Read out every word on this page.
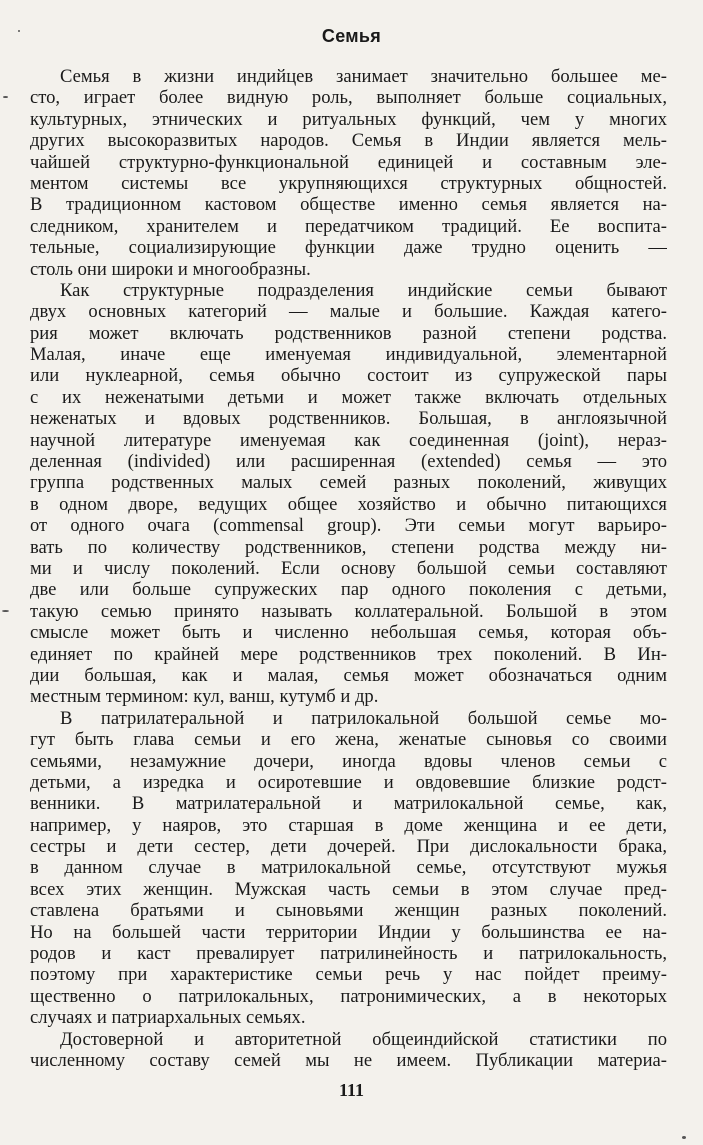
Семья
Семья в жизни индийцев занимает значительно большее ме-
сто, играет более видную роль, выполняет больше социальных,
культурных, этнических и ритуальных функций, чем у многих
других высокоразвитых народов. Семья в Индии является мель-
чайшей структурно-функциональной единицей и составным эле-
ментом системы все укрупняющихся структурных общностей.
В традиционном кастовом обществе именно семья является на-
следником, хранителем и передатчиком традиций. Ее воспита-
тельные, социализирующие функции даже трудно оценить —
столь они широки и многообразны.
Как структурные подразделения индийские семьи бывают
двух основных категорий — малые и большие. Каждая катего-
рия может включать родственников разной степени родства.
Малая, иначе еще именуемая индивидуальной, элементарной
или нуклеарной, семья обычно состоит из супружеской пары
с их неженатыми детьми и может также включать отдельных
неженатых и вдовых родственников. Большая, в англоязычной
научной литературе именуемая как соединенная (joint), нераз-
деленная (individed) или расширенная (extended) семья — это
группа родственных малых семей разных поколений, живущих
в одном дворе, ведущих общее хозяйство и обычно питающихся
от одного очага (commensal group). Эти семьи могут варьиро-
вать по количеству родственников, степени родства между ни-
ми и числу поколений. Если основу большой семьи составляют
две или больше супружеских пар одного поколения с детьми,
такую семью принято называть коллатеральной. Большой в этом
смысле может быть и численно небольшая семья, которая объ-
единяет по крайней мере родственников трех поколений. В Ин-
дии большая, как и малая, семья может обозначаться одним
местным термином: кул, ванш, кутумб и др.
В патрилатеральной и патрилокальной большой семье мо-
гут быть глава семьи и его жена, женатые сыновья со своими
семьями, незамужние дочери, иногда вдовы членов семьи с
детьми, а изредка и осиротевшие и овдовевшие близкие родст-
венники. В матрилатеральной и матрилокальной семье, как,
например, у наяров, это старшая в доме женщина и ее дети,
сестры и дети сестер, дети дочерей. При дислокальности брака,
в данном случае в матрилокальной семье, отсутствуют мужья
всех этих женщин. Мужская часть семьи в этом случае пред-
ставлена братьями и сыновьями женщин разных поколений.
Но на большей части территории Индии у большинства ее на-
родов и каст превалирует патрилинейность и патрилокальность,
поэтому при характеристике семьи речь у нас пойдет преиму-
щественно о патрилокальных, патронимических, а в некоторых
случаях и патриархальных семьях.
Достоверной и авторитетной общеиндийской статистики по
численному составу семей мы не имеем. Публикации материа-
111
